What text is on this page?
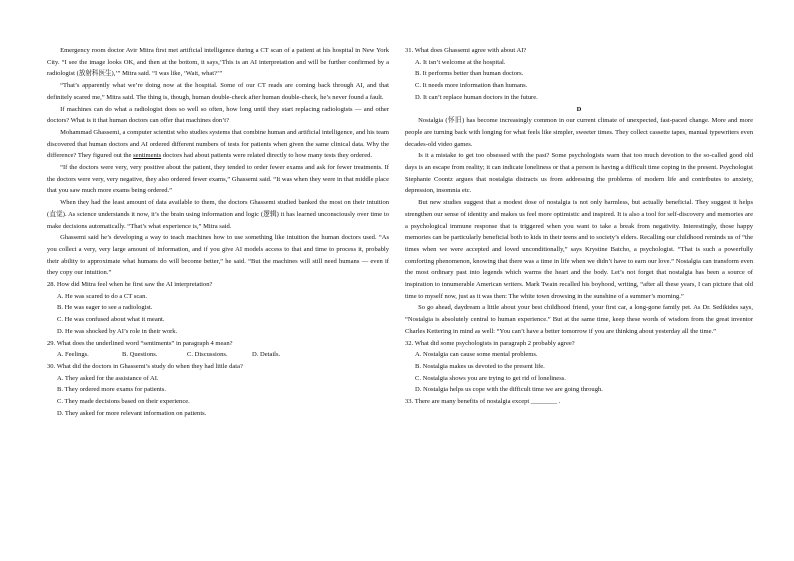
Emergency room doctor Avir Mitra first met artificial intelligence during a CT scan of a patient at his hospital in New York City. “I see the image looks OK, and then at the bottom, it says,‘This is an AI interpretation and will be further confirmed by a radiologist (放射科医生),’” Mitra said. “I was like, ‘Wait, what?’”

“That’s apparently what we’re doing now at the hospital. Some of our CT reads are coming back through AI, and that definitely scared me,” Mitra said. The thing is, though, human double-check after human double-check, he’s never found a fault.

If machines can do what a radiologist does so well so often, how long until they start replacing radiologists — and other doctors? What is it that human doctors can offer that machines don’t?

Mohammad Ghassemi, a computer scientist who studies systems that combine human and artificial intelligence, and his team discovered that human doctors and AI ordered different numbers of tests for patients when given the same clinical data. Why the difference? They figured out the sentiments doctors had about patients were related directly to how many tests they ordered.

“If the doctors were very, very positive about the patient, they tended to order fewer exams and ask for fewer treatments. If the doctors were very, very negative, they also ordered fewer exams,” Ghassemi said. “It was when they were in that middle place that you saw much more exams being ordered.”

When they had the least amount of data available to them, the doctors Ghassemi studied banked the most on their intuition (直觉). As science understands it now, it’s the brain using information and logic (逻辑) it has learned unconsciously over time to make decisions automatically. “That’s what experience is,” Mitra said.

Ghassemi said he’s developing a way to teach machines how to use something like intuition the human doctors used. “As you collect a very, very large amount of information, and if you give AI models access to that and time to process it, probably their ability to approximate what humans do will become better,” he said. “But the machines will still need humans — even if they copy our intuition.”

28. How did Mitra feel when he first saw the AI interpretation?

A. He was scared to do a CT scan.

B. He was eager to see a radiologist.

C. He was confused about what it meant.

D. He was shocked by AI’s role in their work.

29. What does the underlined word “sentiments” in paragraph 4 mean?

A. Feelings.	B. Questions.	C. Discussions.	D. Details.

30. What did the doctors in Ghassemi’s study do when they had little data?

A. They asked for the assistance of AI.

B. They ordered more exams for patients.

C. They made decisions based on their experience.

D. They asked for more relevant information on patients.

31. What does Ghassemi agree with about AI?

A. It isn’t welcome at the hospital.

B. It performs better than human doctors.

C. It needs more information than humans.

D. It can’t replace human doctors in the future.

D

Nostalgia (怀旧) has become increasingly common in our current climate of unexpected, fast-paced change. More and more people are turning back with longing for what feels like simpler, sweeter times. They collect cassette tapes, manual typewriters even decades-old video games.

Is it a mistake to get too obsessed with the past? Some psychologists warn that too much devotion to the so-called good old days is an escape from reality; it can indicate loneliness or that a person is having a difficult time coping in the present. Psychologist Stephanie Coontz argues that nostalgia distracts us from addressing the problems of modern life and contributes to anxiety, depression, insomnia etc.

But new studies suggest that a modest dose of nostalgia is not only harmless, but actually beneficial. They suggest it helps strengthen our sense of identity and makes us feel more optimistic and inspired. It is also a tool for self-discovery and memories are a psychological immune response that is triggered when you want to take a break from negativity. Interestingly, those happy memories can be particularly beneficial both to kids in their teens and to society’s elders. Recalling our childhood reminds us of “the times when we were accepted and loved unconditionally,” says Krystine Batcho, a psychologist. “That is such a powerfully comforting phenomenon, knowing that there was a time in life when we didn’t have to earn our love.” Nostalgia can transform even the most ordinary past into legends which warms the heart and the body. Let’s not forget that nostalgia has been a source of inspiration to innumerable American writers. Mark Twain recalled his boyhood, writing, “after all these years, I can picture that old time to myself now, just as it was then: The white town drowsing in the sunshine of a summer’s morning.”

So go ahead, daydream a little about your best childhood friend, your first car, a long-gone family pet. As Dr. Sedikides says, “Nostalgia is absolutely central to human experience.” But at the same time, keep these words of wisdom from the great inventor Charles Kettering in mind as well: “You can’t have a better tomorrow if you are thinking about yesterday all the time.”

32. What did some psychologists in paragraph 2 probably agree?

A. Nostalgia can cause some mental problems.

B. Nostalgia makes us devoted to the present life.

C. Nostalgia shows you are trying to get rid of loneliness.

D. Nostalgia helps us cope with the difficult time we are going through.

33. There are many benefits of nostalgia except ________ .
